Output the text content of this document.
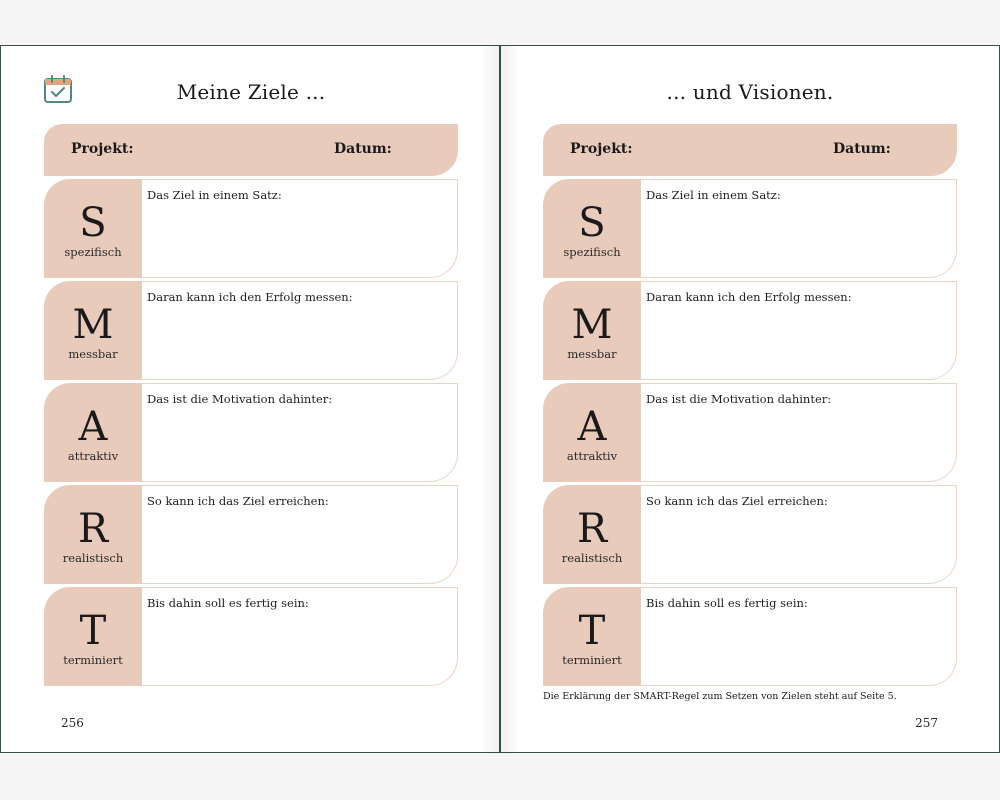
Meine Ziele ...
Projekt:	Datum:
S
spezifisch
Das Ziel in einem Satz:
M
messbar
Daran kann ich den Erfolg messen:
A
attraktiv
Das ist die Motivation dahinter:
R
realistisch
So kann ich das Ziel erreichen:
T
terminiert
Bis dahin soll es fertig sein:
256
... und Visionen.
Projekt:	Datum:
S
spezifisch
Das Ziel in einem Satz:
M
messbar
Daran kann ich den Erfolg messen:
A
attraktiv
Das ist die Motivation dahinter:
R
realistisch
So kann ich das Ziel erreichen:
T
terminiert
Bis dahin soll es fertig sein:
Die Erklärung der SMART-Regel zum Setzen von Zielen steht auf Seite 5.
257
